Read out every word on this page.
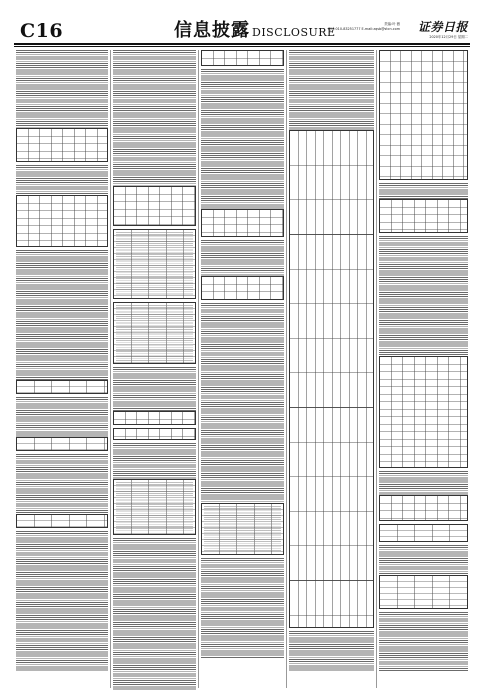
C16	信息披露 DISCLOSURE
责编:叶 薇
电话:010-83251777 E-mail:zqsb@stcn.com 证券日报
2020年12月29日 星期二
